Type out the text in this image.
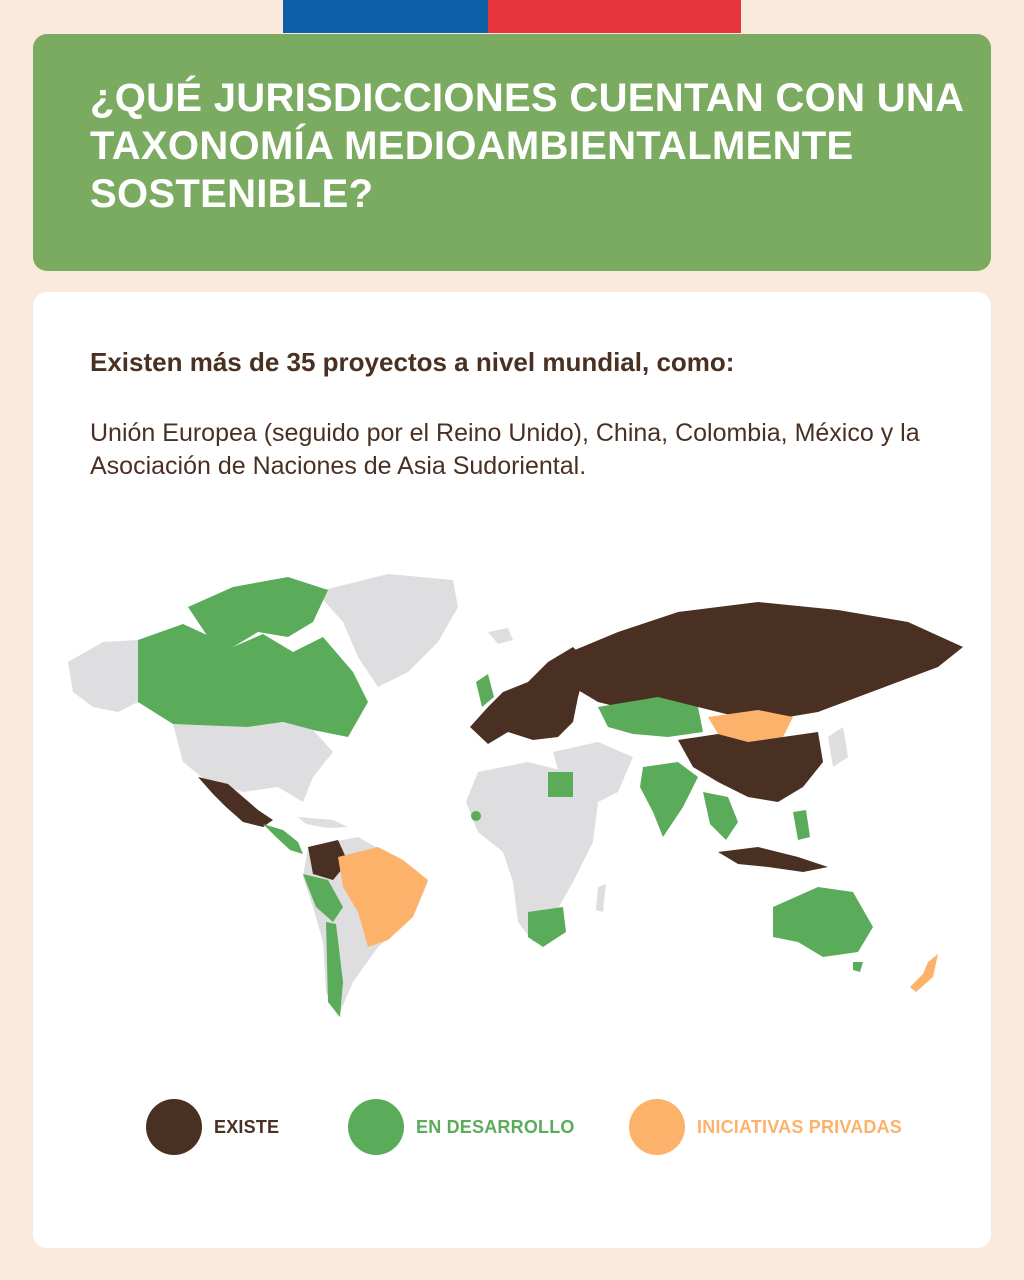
¿QUÉ JURISDICCIONES CUENTAN CON UNA TAXONOMÍA MEDIOAMBIENTALMENTE SOSTENIBLE?

Existen más de 35 proyectos a nivel mundial, como:

Unión Europea (seguido por el Reino Unido), China, Colombia, México y la Asociación de Naciones de Asia Sudoriental.

EXISTE	EN DESARROLLO	INICIATIVAS PRIVADAS
